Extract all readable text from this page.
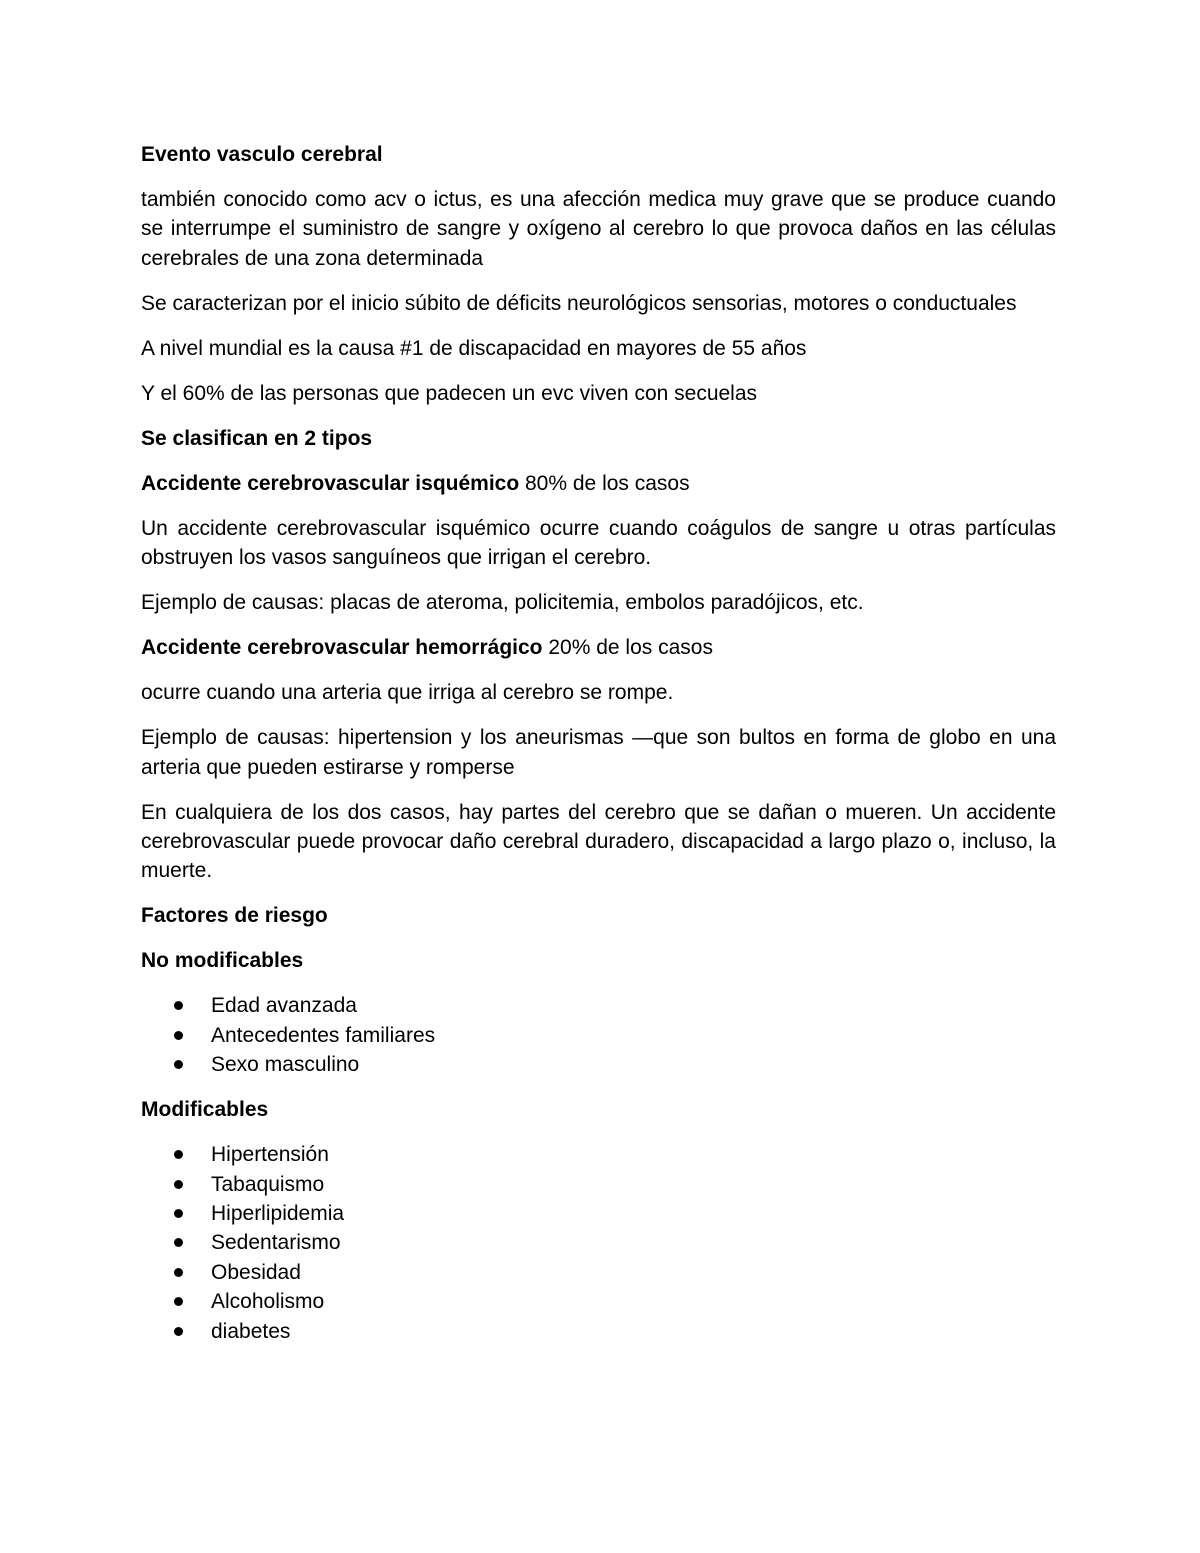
Evento vasculo cerebral

también conocido como acv o ictus, es una afección medica muy grave que se produce cuando se interrumpe el suministro de sangre y oxígeno al cerebro lo que provoca daños en las células cerebrales de una zona determinada

Se caracterizan por el inicio súbito de déficits neurológicos sensorias, motores o conductuales

A nivel mundial es la causa #1 de discapacidad en mayores de 55 años

Y el 60% de las personas que padecen un evc viven con secuelas

Se clasifican en 2 tipos

Accidente cerebrovascular isquémico 80% de los casos

Un accidente cerebrovascular isquémico ocurre cuando coágulos de sangre u otras partículas obstruyen los vasos sanguíneos que irrigan el cerebro.

Ejemplo de causas: placas de ateroma, policitemia, embolos paradójicos, etc.

Accidente cerebrovascular hemorrágico 20% de los casos

ocurre cuando una arteria que irriga al cerebro se rompe.

Ejemplo de causas: hipertension y los aneurismas —que son bultos en forma de globo en una arteria que pueden estirarse y romperse

En cualquiera de los dos casos, hay partes del cerebro que se dañan o mueren. Un accidente cerebrovascular puede provocar daño cerebral duradero, discapacidad a largo plazo o, incluso, la muerte.

Factores de riesgo

No modificables

Edad avanzada
Antecedentes familiares
Sexo masculino

Modificables

Hipertensión
Tabaquismo
Hiperlipidemia
Sedentarismo
Obesidad
Alcoholismo
diabetes
